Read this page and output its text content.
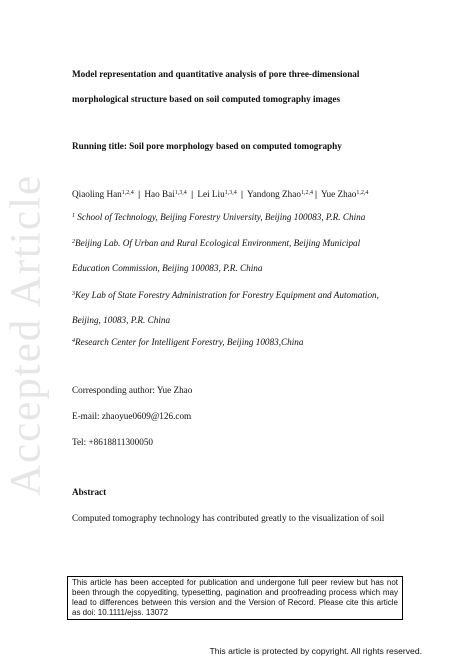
Accepted Article
Model representation and quantitative analysis of pore three-dimensional
morphological structure based on soil computed tomography images
Running title: Soil pore morphology based on computed tomography
Qiaoling Han$^{1,2,4}$ | Hao Bai$^{1,3,4}$ | Lei Liu$^{1,3,4}$ | Yandong Zhao$^{1,2,4}$ | Yue Zhao$^{1,2,4}$
$^1$ School of Technology, Beijing Forestry University, Beijing 100083, P.R. China
$^2$Beijing Lab. Of Urban and Rural Ecological Environment, Beijing Municipal
Education Commission, Beijing 100083, P.R. China
$^3$Key Lab of State Forestry Administration for Forestry Equipment and Automation,
Beijing, 10083, P.R. China
$^4$Research Center for Intelligent Forestry, Beijing 10083,China
Corresponding author: Yue Zhao
E-mail: zhaoyue0609@126.com
Tel: +8618811300050
Abstract
Computed tomography technology has contributed greatly to the visualization of soil
This article has been accepted for publication and undergone full peer review but has not been through the copyediting, typesetting, pagination and proofreading process which may lead to differences between this version and the Version of Record. Please cite this article as doi: 10.1111/ejss. 13072
This article is protected by copyright. All rights reserved.
